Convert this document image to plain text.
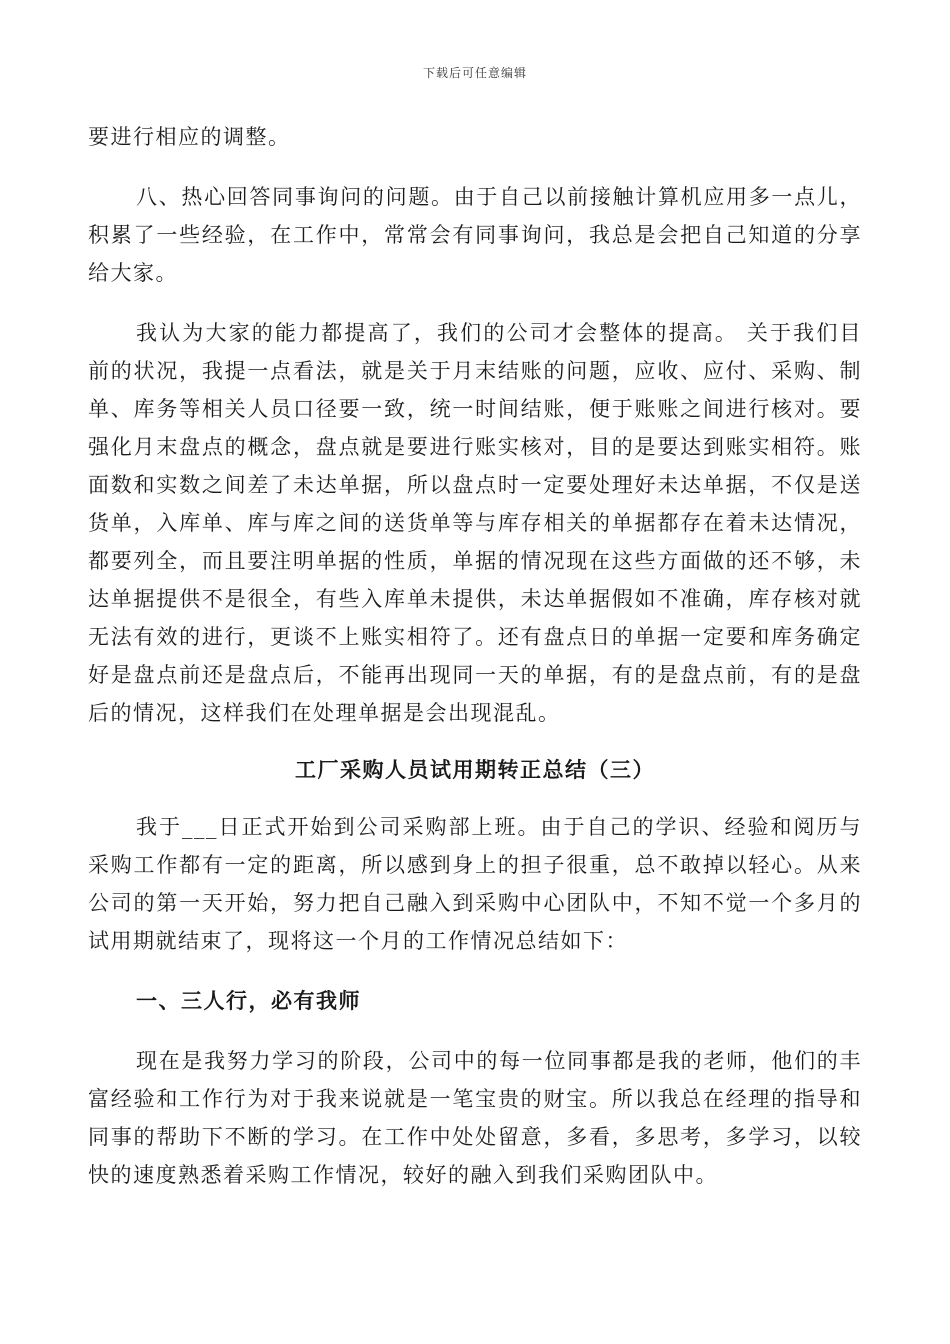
下载后可任意编辑

要进行相应的调整。

八、热心回答同事询问的问题。由于自己以前接触计算机应用多一点儿，积累了一些经验，在工作中，常常会有同事询问，我总是会把自己知道的分享给大家。

我认为大家的能力都提高了，我们的公司才会整体的提高。 关于我们目前的状况，我提一点看法，就是关于月末结账的问题，应收、应付、采购、制单、库务等相关人员口径要一致，统一时间结账，便于账账之间进行核对。要强化月末盘点的概念，盘点就是要进行账实核对，目的是要达到账实相符。账面数和实数之间差了未达单据，所以盘点时一定要处理好未达单据，不仅是送货单，入库单、库与库之间的送货单等与库存相关的单据都存在着未达情况，都要列全，而且要注明单据的性质，单据的情况现在这些方面做的还不够，未达单据提供不是很全，有些入库单未提供，未达单据假如不准确，库存核对就无法有效的进行，更谈不上账实相符了。还有盘点日的单据一定要和库务确定好是盘点前还是盘点后，不能再出现同一天的单据，有的是盘点前，有的是盘后的情况，这样我们在处理单据是会出现混乱。

工厂采购人员试用期转正总结（三）

我于___日正式开始到公司采购部上班。由于自己的学识、经验和阅历与采购工作都有一定的距离，所以感到身上的担子很重，总不敢掉以轻心。从来公司的第一天开始，努力把自己融入到采购中心团队中，不知不觉一个多月的试用期就结束了，现将这一个月的工作情况总结如下：

一、三人行，必有我师

现在是我努力学习的阶段，公司中的每一位同事都是我的老师，他们的丰富经验和工作行为对于我来说就是一笔宝贵的财宝。所以我总在经理的指导和同事的帮助下不断的学习。在工作中处处留意，多看，多思考，多学习，以较快的速度熟悉着采购工作情况，较好的融入到我们采购团队中。
